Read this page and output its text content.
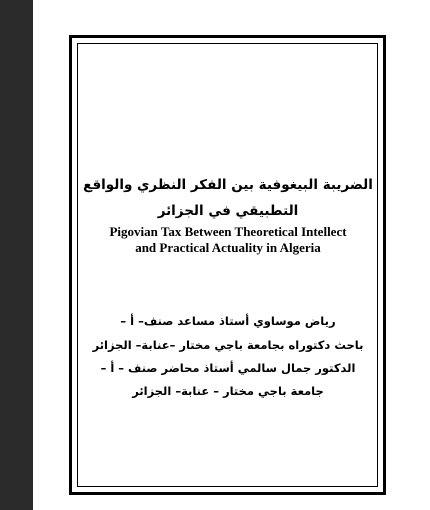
الضريبة البيغوفية بين الفكر النظري والواقع
التطبيقي في الجزائر
Pigovian Tax Between Theoretical Intellect
and Practical Actuality in Algeria
رياض موساوي أستاذ مساعد صنف– أ –
باحث دكتوراه بجامعة باجي مختار –عنابة– الجزائر
الدكتور جمال سالمي أستاذ محاضر صنف – أ –
جامعة باجي مختار – عنابة– الجزائر
